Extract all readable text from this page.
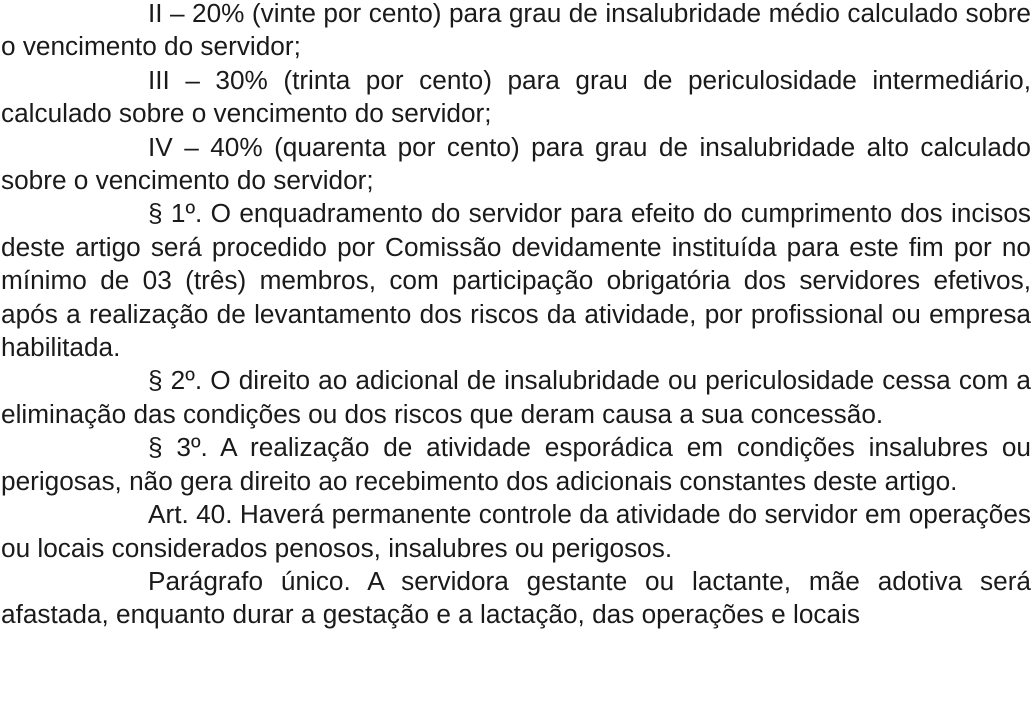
II – 20% (vinte por cento) para grau de insalubridade médio calculado sobre o vencimento do servidor;

III – 30% (trinta por cento) para grau de periculosidade intermediário, calculado sobre o vencimento do servidor;

IV – 40% (quarenta por cento) para grau de insalubridade alto calculado sobre o vencimento do servidor;

§ 1º. O enquadramento do servidor para efeito do cumprimento dos incisos deste artigo será procedido por Comissão devidamente instituída para este fim por no mínimo de 03 (três) membros, com participação obrigatória dos servidores efetivos, após a realização de levantamento dos riscos da atividade, por profissional ou empresa habilitada.

§ 2º. O direito ao adicional de insalubridade ou periculosidade cessa com a eliminação das condições ou dos riscos que deram causa a sua concessão.

§ 3º. A realização de atividade esporádica em condições insalubres ou perigosas, não gera direito ao recebimento dos adicionais constantes deste artigo.

Art. 40. Haverá permanente controle da atividade do servidor em operações ou locais considerados penosos, insalubres ou perigosos.

Parágrafo único. A servidora gestante ou lactante, mãe adotiva será afastada, enquanto durar a gestação e a lactação, das operações e locais
